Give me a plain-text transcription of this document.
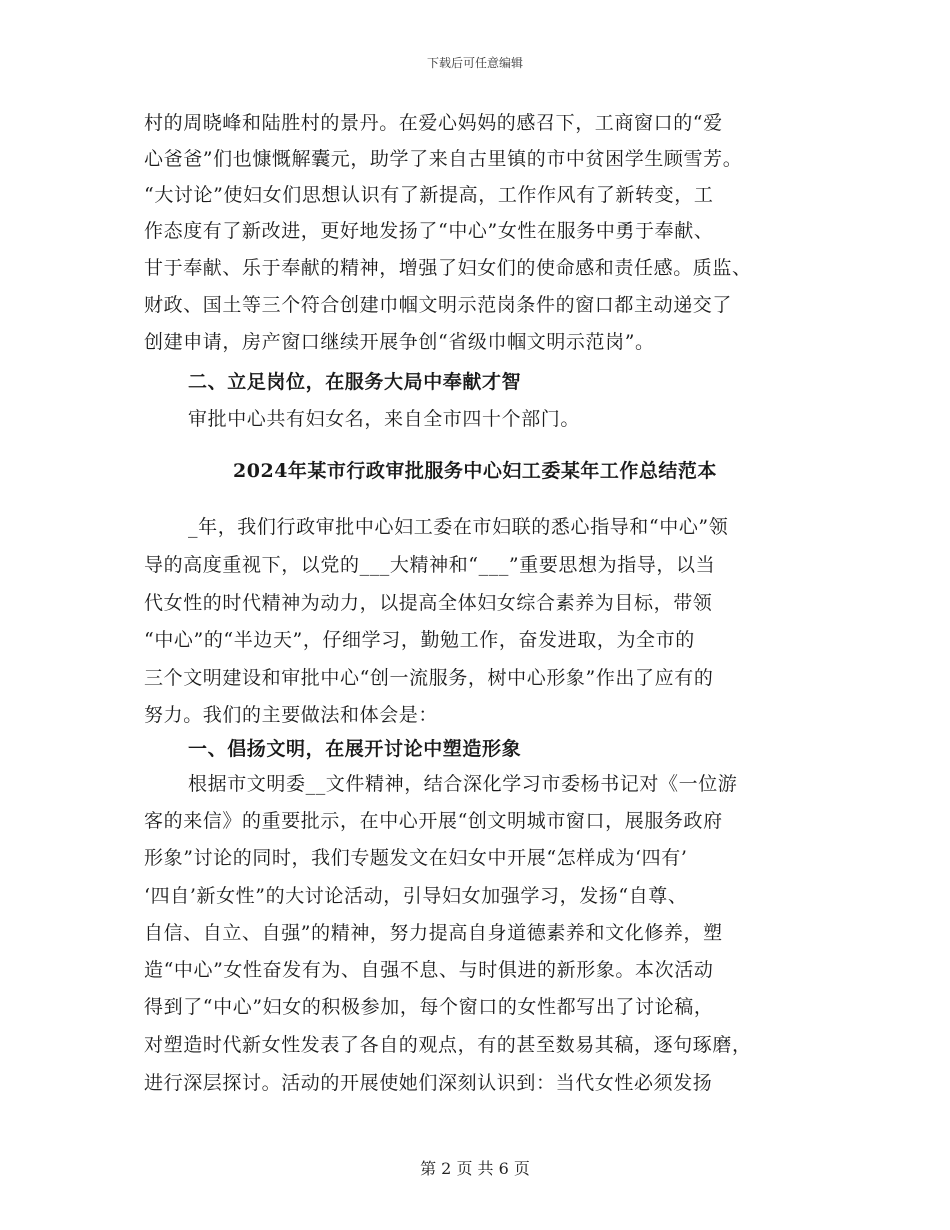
下载后可任意编辑
村的周晓峰和陆胜村的景丹。在爱心妈妈的感召下，工商窗口的“爱
心爸爸”们也慷慨解囊元，助学了来自古里镇的市中贫困学生顾雪芳。
“大讨论”使妇女们思想认识有了新提高，工作作风有了新转变，工
作态度有了新改进，更好地发扬了“中心”女性在服务中勇于奉献、
甘于奉献、乐于奉献的精神，增强了妇女们的使命感和责任感。质监、
财政、国土等三个符合创建巾帼文明示范岗条件的窗口都主动递交了
创建申请，房产窗口继续开展争创“省级巾帼文明示范岗”。
二、立足岗位，在服务大局中奉献才智
审批中心共有妇女名，来自全市四十个部门。
2024年某市行政审批服务中心妇工委某年工作总结范本
_年，我们行政审批中心妇工委在市妇联的悉心指导和“中心”领
导的高度重视下，以党的___大精神和“___”重要思想为指导，以当
代女性的时代精神为动力，以提高全体妇女综合素养为目标，带领
“中心”的“半边天”，仔细学习，勤勉工作，奋发进取，为全市的
三个文明建设和审批中心“创一流服务，树中心形象”作出了应有的
努力。我们的主要做法和体会是：
一、倡扬文明，在展开讨论中塑造形象
根据市文明委__文件精神，结合深化学习市委杨书记对《一位游
客的来信》的重要批示，在中心开展“创文明城市窗口，展服务政府
形象”讨论的同时，我们专题发文在妇女中开展“怎样成为‘四有’
‘四自’新女性”的大讨论活动，引导妇女加强学习，发扬“自尊、
自信、自立、自强”的精神，努力提高自身道德素养和文化修养，塑
造“中心”女性奋发有为、自强不息、与时俱进的新形象。本次活动
得到了“中心”妇女的积极参加，每个窗口的女性都写出了讨论稿，
对塑造时代新女性发表了各自的观点，有的甚至数易其稿，逐句琢磨，
进行深层探讨。活动的开展使她们深刻认识到：当代女性必须发扬
第 2 页 共 6 页
